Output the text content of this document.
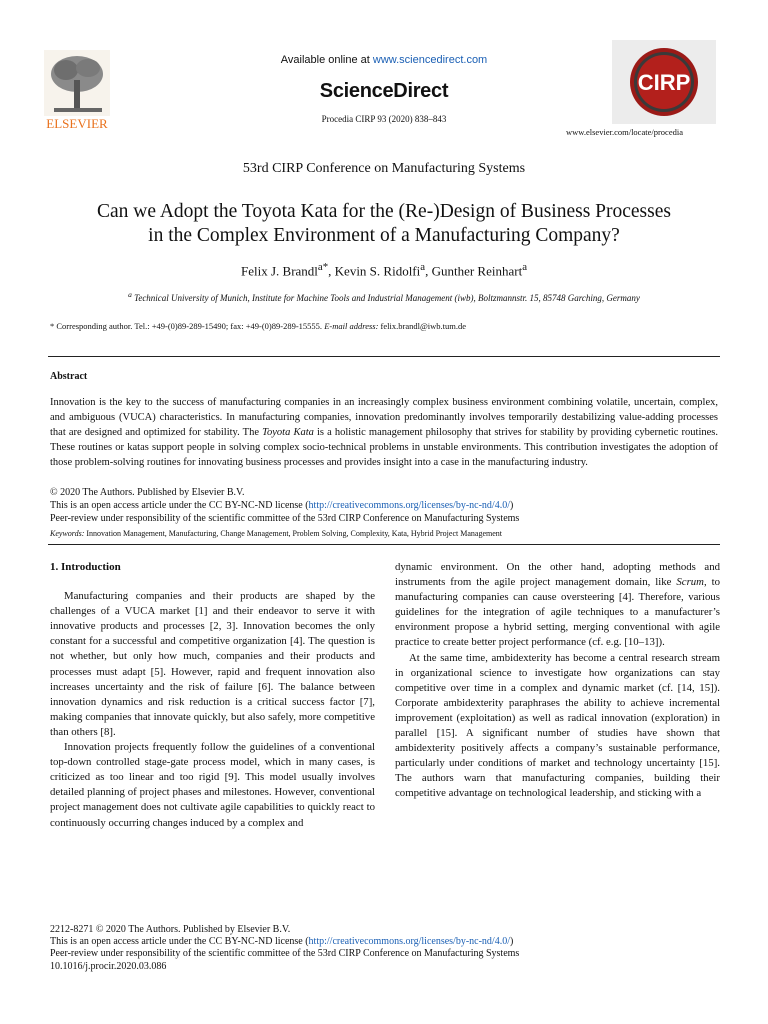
ELSEVIER
Available online at www.sciencedirect.com
ScienceDirect
Procedia CIRP 93 (2020) 838–843
CIRP
www.elsevier.com/locate/procedia
53rd CIRP Conference on Manufacturing Systems
Can we Adopt the Toyota Kata for the (Re-)Design of Business Processes
in the Complex Environment of a Manufacturing Company?
Felix J. Brandl$^{a*}$, Kevin S. Ridolfi$^a$, Gunther Reinhart$^a$
$^a$ Technical University of Munich, Institute for Machine Tools and Industrial Management (iwb), Boltzmannstr. 15, 85748 Garching, Germany
* Corresponding author. Tel.: +49-(0)89-289-15490; fax: +49-(0)89-289-15555. E-mail address: felix.brandl@iwb.tum.de
Abstract

Innovation is the key to the success of manufacturing companies in an increasingly complex business environment combining volatile, uncertain, complex, and ambiguous (VUCA) characteristics. In manufacturing companies, innovation predominantly involves temporarily destabilizing value-adding processes that are designed and optimized for stability. The Toyota Kata is a holistic management philosophy that strives for stability by providing cybernetic routines. These routines or katas support people in solving complex socio-technical problems in unstable environments. This contribution investigates the adoption of those problem-solving routines for innovating business processes and provides insight into a case in the manufacturing industry.

© 2020 The Authors. Published by Elsevier B.V.
This is an open access article under the CC BY-NC-ND license (http://creativecommons.org/licenses/by-nc-nd/4.0/)
Peer-review under responsibility of the scientific committee of the 53rd CIRP Conference on Manufacturing Systems
Keywords: Innovation Management, Manufacturing, Change Management, Problem Solving, Complexity, Kata, Hybrid Project Management
1. Introduction

Manufacturing companies and their products are shaped by the challenges of a VUCA market [1] and their endeavor to serve it with innovative products and processes [2, 3]. Innovation becomes the only constant for a successful and competitive organization [4]. The question is not whether, but only how much, companies and their products and processes must adapt [5]. However, rapid and frequent innovation also increases uncertainty and the risk of failure [6]. The balance between innovation dynamics and risk reduction is a critical success factor [7], making companies that innovate quickly, but also safely, more competitive than others [8].

Innovation projects frequently follow the guidelines of a conventional top-down controlled stage-gate process model, which in many cases, is criticized as too linear and too rigid [9]. This model usually involves detailed planning of project phases and milestones. However, conventional project management does not cultivate agile capabilities to quickly react to continuously occurring changes induced by a complex and

dynamic environment. On the other hand, adopting methods and instruments from the agile project management domain, like Scrum, to manufacturing companies can cause oversteering [4]. Therefore, various guidelines for the integration of agile techniques to a manufacturer’s environment propose a hybrid setting, merging conventional with agile practice to create better project performance (cf. e.g. [10–13]).

At the same time, ambidexterity has become a central research stream in organizational science to investigate how organizations can stay competitive over time in a complex and dynamic market (cf. [14, 15]). Corporate ambidexterity paraphrases the ability to achieve incremental improvement (exploitation) as well as radical innovation (exploration) in parallel [15]. A significant number of studies have shown that ambidexterity positively affects a company’s sustainable performance, particularly under conditions of market and technology uncertainty [15]. The authors warn that manufacturing companies, building their competitive advantage on technological leadership, and sticking with a

2212-8271 © 2020 The Authors. Published by Elsevier B.V.
This is an open access article under the CC BY-NC-ND license (http://creativecommons.org/licenses/by-nc-nd/4.0/)
Peer-review under responsibility of the scientific committee of the 53rd CIRP Conference on Manufacturing Systems
10.1016/j.procir.2020.03.086
